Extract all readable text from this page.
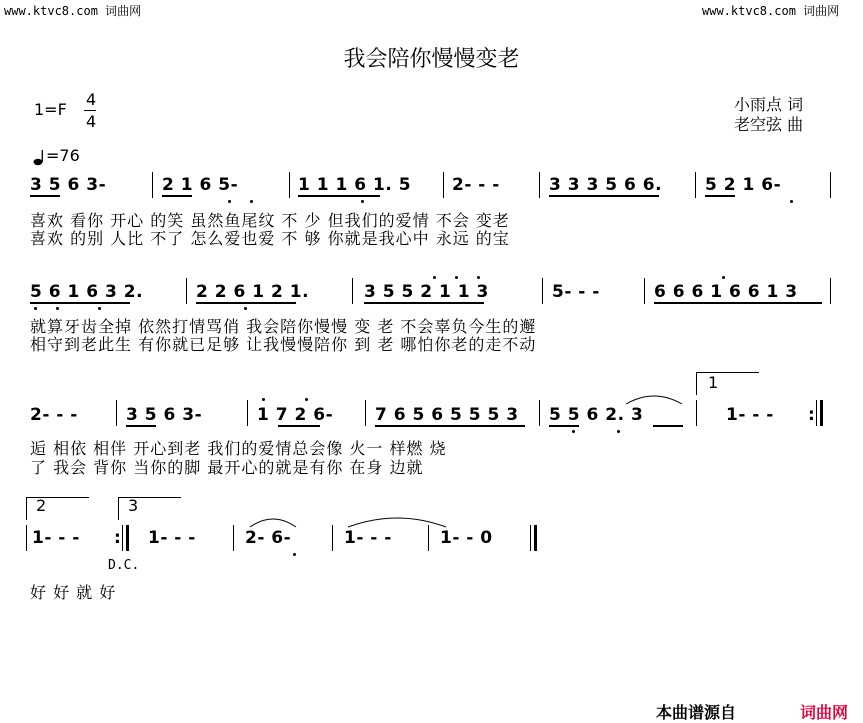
www.ktvc8.com 词曲网	www.ktvc8.com 词曲网
我会陪你慢慢变老
1=F
4
4
=76
小雨点 词
老空弦 曲
3 5 6 3-	2 1 6 5-	1 1 1 6 1. 5 2- - -	3 3 3 5 6 6.	5 2 1 6-
喜欢 看你 开心 的笑 虽然鱼尾纹 不 少 但我们的爱情 不会 变老
喜欢 的别 人比 不了 怎么爱也爱 不 够 你就是我心中 永远 的宝
5 6 1 6 3 2.	2 2 6 1 2 1.	3 5 5 2 1 1 3	5- - -	6 6 6 1 6 6 1 3
就算牙齿全掉 依然打情骂俏 我会陪你慢慢 变 老 不会辜负今生的邂
相守到老此生 有你就已足够 让我慢慢陪你 到 老 哪怕你老的走不动
1
2- - -	3 5 6 3-	1 7 2 6- 7 6 5 6 5 5 5 3 5 5 6 2. 3	1- - - :
逅 相依 相伴 开心到老 我们的爱情总会像 火一 样燃 烧
了 我会 背你 当你的脚 最开心的就是有你 在身 边就
2	3
1- - - :
D.C.
1- - -	2- 6-	1- - -	1- - 0
好 好 就 好
本曲谱源自	词曲网
